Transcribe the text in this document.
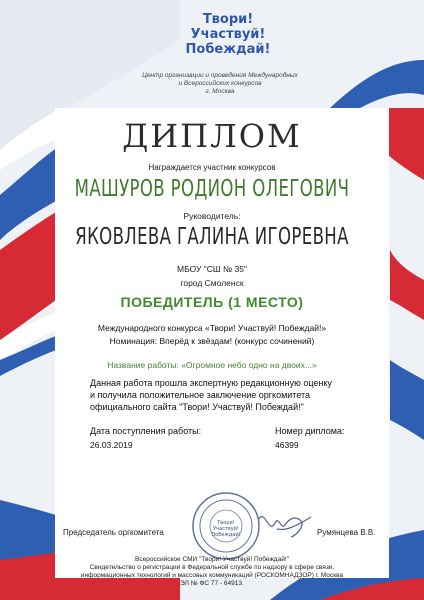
Твори!
Участвуй!
Побеждай!
Центр организации и проведения Международных
и Всероссийских конкурсов
г. Москва
ДИПЛОМ
Награждается участник конкурсов
МАШУРОВ РОДИОН ОЛЕГОВИЧ
Руководитель:
ЯКОВЛЕВА ГАЛИНА ИГОРЕВНА
МБОУ "СШ № 35"
город Смоленск
ПОБЕДИТЕЛЬ (1 МЕСТО)
Международного конкурса «Твори! Участвуй! Побеждай!»
Номинация: Вперёд к звёздам! (конкурс сочинений)
Название работы: «Огромное небо одно на двоих...»
Данная работа прошла экспертную редакционную оценку
и получила положительное заключение оргкомитета
официального сайта "Твори! Участвуй! Побеждай!"
Дата поступления работы:
26.03.2019
Номер диплома:
46399
Председатель оргкомитета	Румянцева В.В.
Твори!
Участвуй!
Побеждай!
Всероссийское СМИ "Твори! Участвуй! Побеждай!"
Свидетельство о регистрации в Федеральной службе по надзору в сфере связи,
информационных технологий и массовых коммуникаций (РОСКОМНАДЗОР) г. Москва
ЭЛ № ФС 77 - 64913.
